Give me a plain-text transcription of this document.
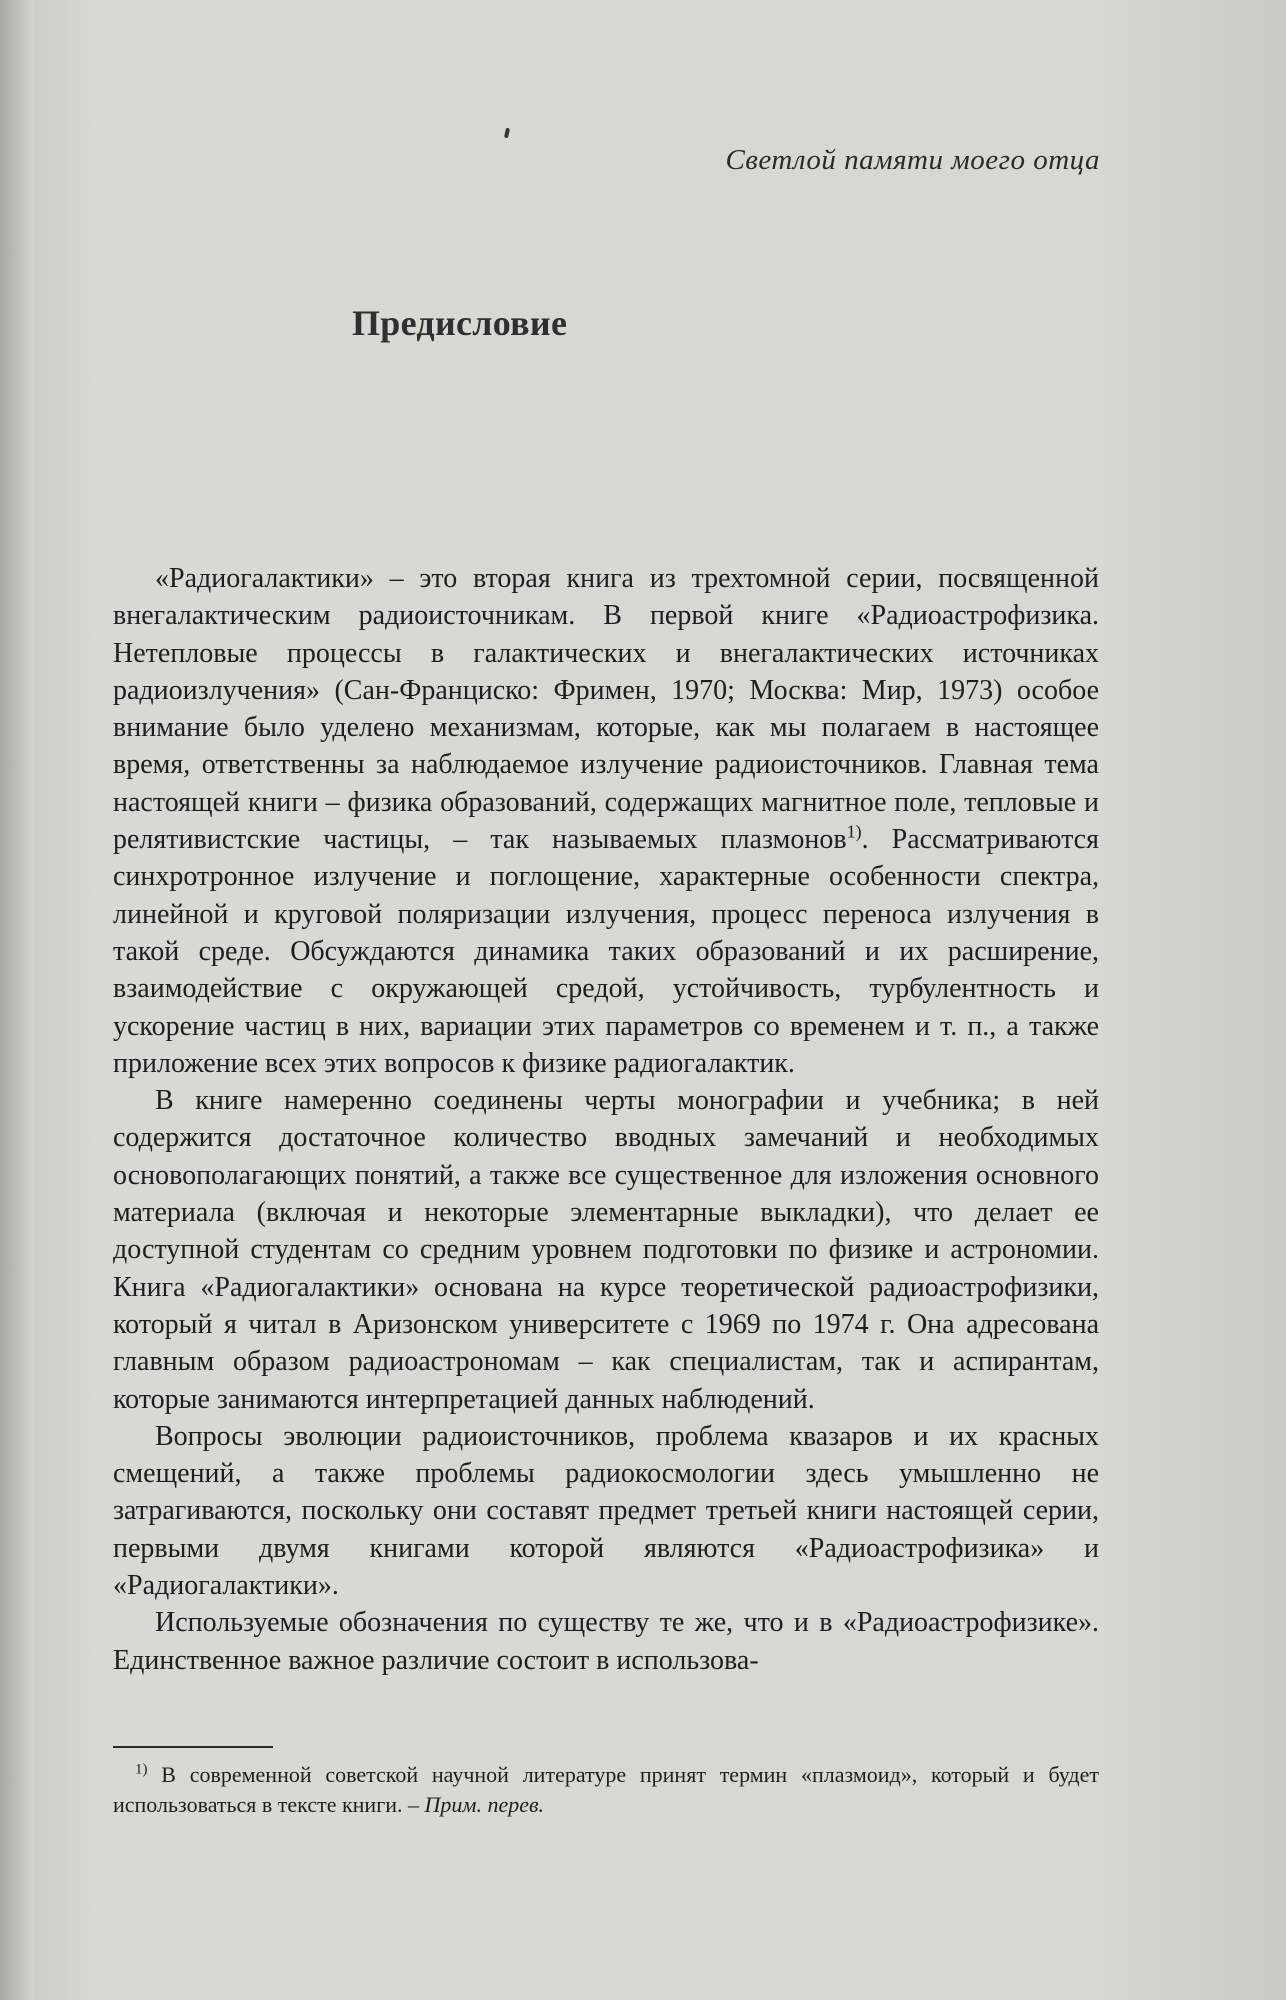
Светлой памяти моего отца
Предисловие

«Радиогалактики» – это вторая книга из трехтомной серии, посвященной внегалактическим радиоисточникам. В первой книге «Радиоастрофизика. Нетепловые процессы в галактических и внегалактических источниках радиоизлучения» (Сан-Франциско: Фримен, 1970; Москва: Мир, 1973) особое внимание было уделено механизмам, которые, как мы полагаем в настоящее время, ответственны за наблюдаемое излучение радиоисточников. Главная тема настоящей книги – физика образований, содержащих магнитное поле, тепловые и релятивистские частицы, – так называемых плазмонов$^{1)}$. Рассматриваются синхротронное излучение и поглощение, характерные особенности спектра, линейной и круговой поляризации излучения, процесс переноса излучения в такой среде. Обсуждаются динамика таких образований и их расширение, взаимодействие с окружающей средой, устойчивость, турбулентность и ускорение частиц в них, вариации этих параметров со временем и т. п., а также приложение всех этих вопросов к физике радиогалактик.

В книге намеренно соединены черты монографии и учебника; в ней содержится достаточное количество вводных замечаний и необходимых основополагающих понятий, а также все существенное для изложения основного материала (включая и некоторые элементарные выкладки), что делает ее доступной студентам со средним уровнем подготовки по физике и астрономии. Книга «Радиогалактики» основана на курсе теоретической радиоастрофизики, который я читал в Аризонском университете с 1969 по 1974 г. Она адресована главным образом радиоастрономам – как специалистам, так и аспирантам, которые занимаются интерпретацией данных наблюдений.

Вопросы эволюции радиоисточников, проблема квазаров и их красных смещений, а также проблемы радиокосмологии здесь умышленно не затрагиваются, поскольку они составят предмет третьей книги настоящей серии, первыми двумя книгами которой являются «Радиоастрофизика» и «Радиогалактики».

Используемые обозначения по существу те же, что и в «Радиоастрофизике». Единственное важное различие состоит в использова-

$^{1)}$ В современной советской научной литературе принят термин «плазмоид», который и будет использоваться в тексте книги. – Прим. перев.
